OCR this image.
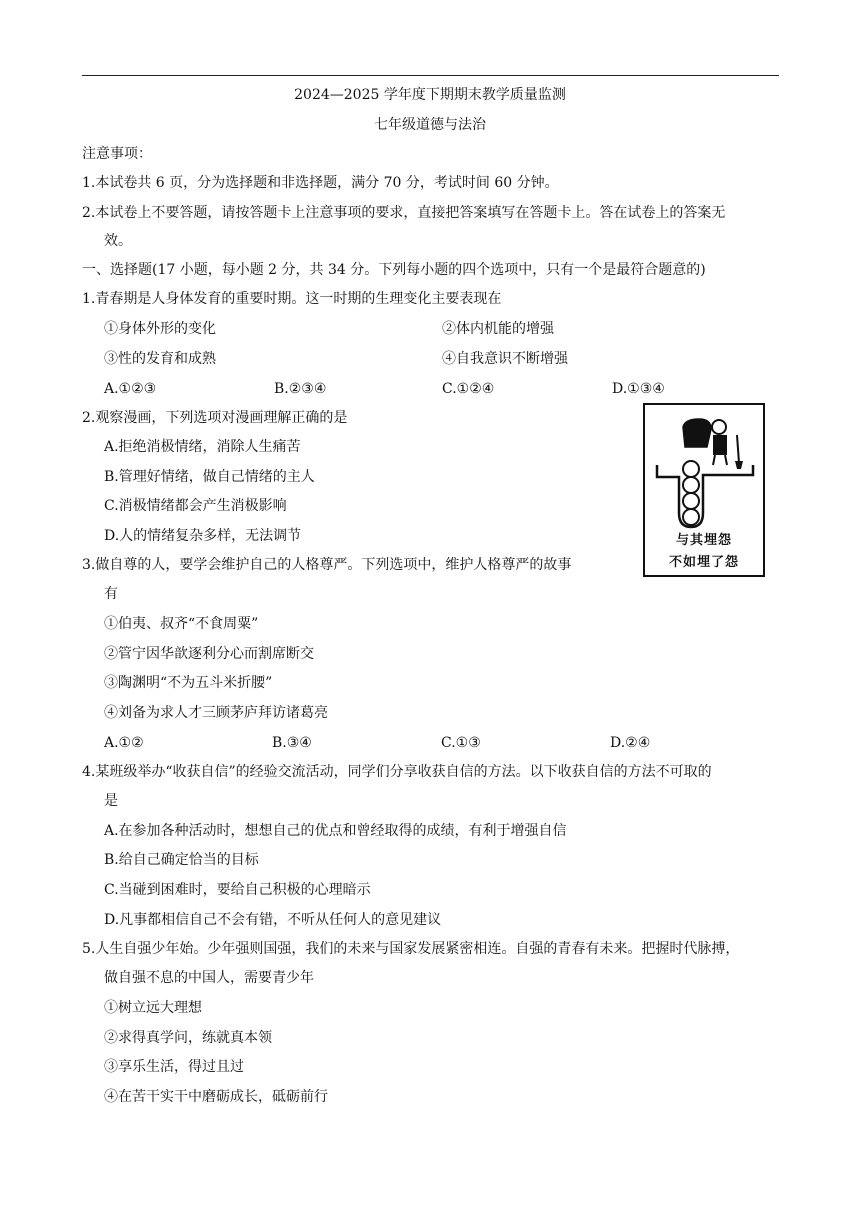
2024—2025 学年度下期期末教学质量监测
七年级道德与法治
注意事项：
1.本试卷共 6 页，分为选择题和非选择题，满分 70 分，考试时间 60 分钟。
2.本试卷上不要答题，请按答题卡上注意事项的要求，直接把答案填写在答题卡上。答在试卷上的答案无
效。
一、选择题(17 小题，每小题 2 分，共 34 分。下列每小题的四个选项中，只有一个是最符合题意的)
1.青春期是人身体发育的重要时期。这一时期的生理变化主要表现在
①身体外形的变化	②体内机能的增强
③性的发育和成熟	④自我意识不断增强
A.①②③	B.②③④	C.①②④	D.①③④
2.观察漫画，下列选项对漫画理解正确的是
A.拒绝消极情绪，消除人生痛苦
B.管理好情绪，做自己情绪的主人
C.消极情绪都会产生消极影响
D.人的情绪复杂多样，无法调节	与其埋怨
不如埋了怨
3.做自尊的人，要学会维护自己的人格尊严。下列选项中，维护人格尊严的故事
有
①伯夷、叔齐“不食周粟”
②管宁因华歆逐利分心而割席断交
③陶渊明“不为五斗米折腰”
④刘备为求人才三顾茅庐拜访诸葛亮
A.①②	B.③④	C.①③	D.②④
4.某班级举办“收获自信”的经验交流活动，同学们分享收获自信的方法。以下收获自信的方法不可取的
是
A.在参加各种活动时，想想自己的优点和曾经取得的成绩，有利于增强自信
B.给自己确定恰当的目标
C.当碰到困难时，要给自己积极的心理暗示
D.凡事都相信自己不会有错，不听从任何人的意见建议
5.人生自强少年始。少年强则国强，我们的未来与国家发展紧密相连。自强的青春有未来。把握时代脉搏，
做自强不息的中国人，需要青少年
①树立远大理想
②求得真学问，练就真本领
③享乐生活，得过且过
④在苦干实干中磨砺成长，砥砺前行
